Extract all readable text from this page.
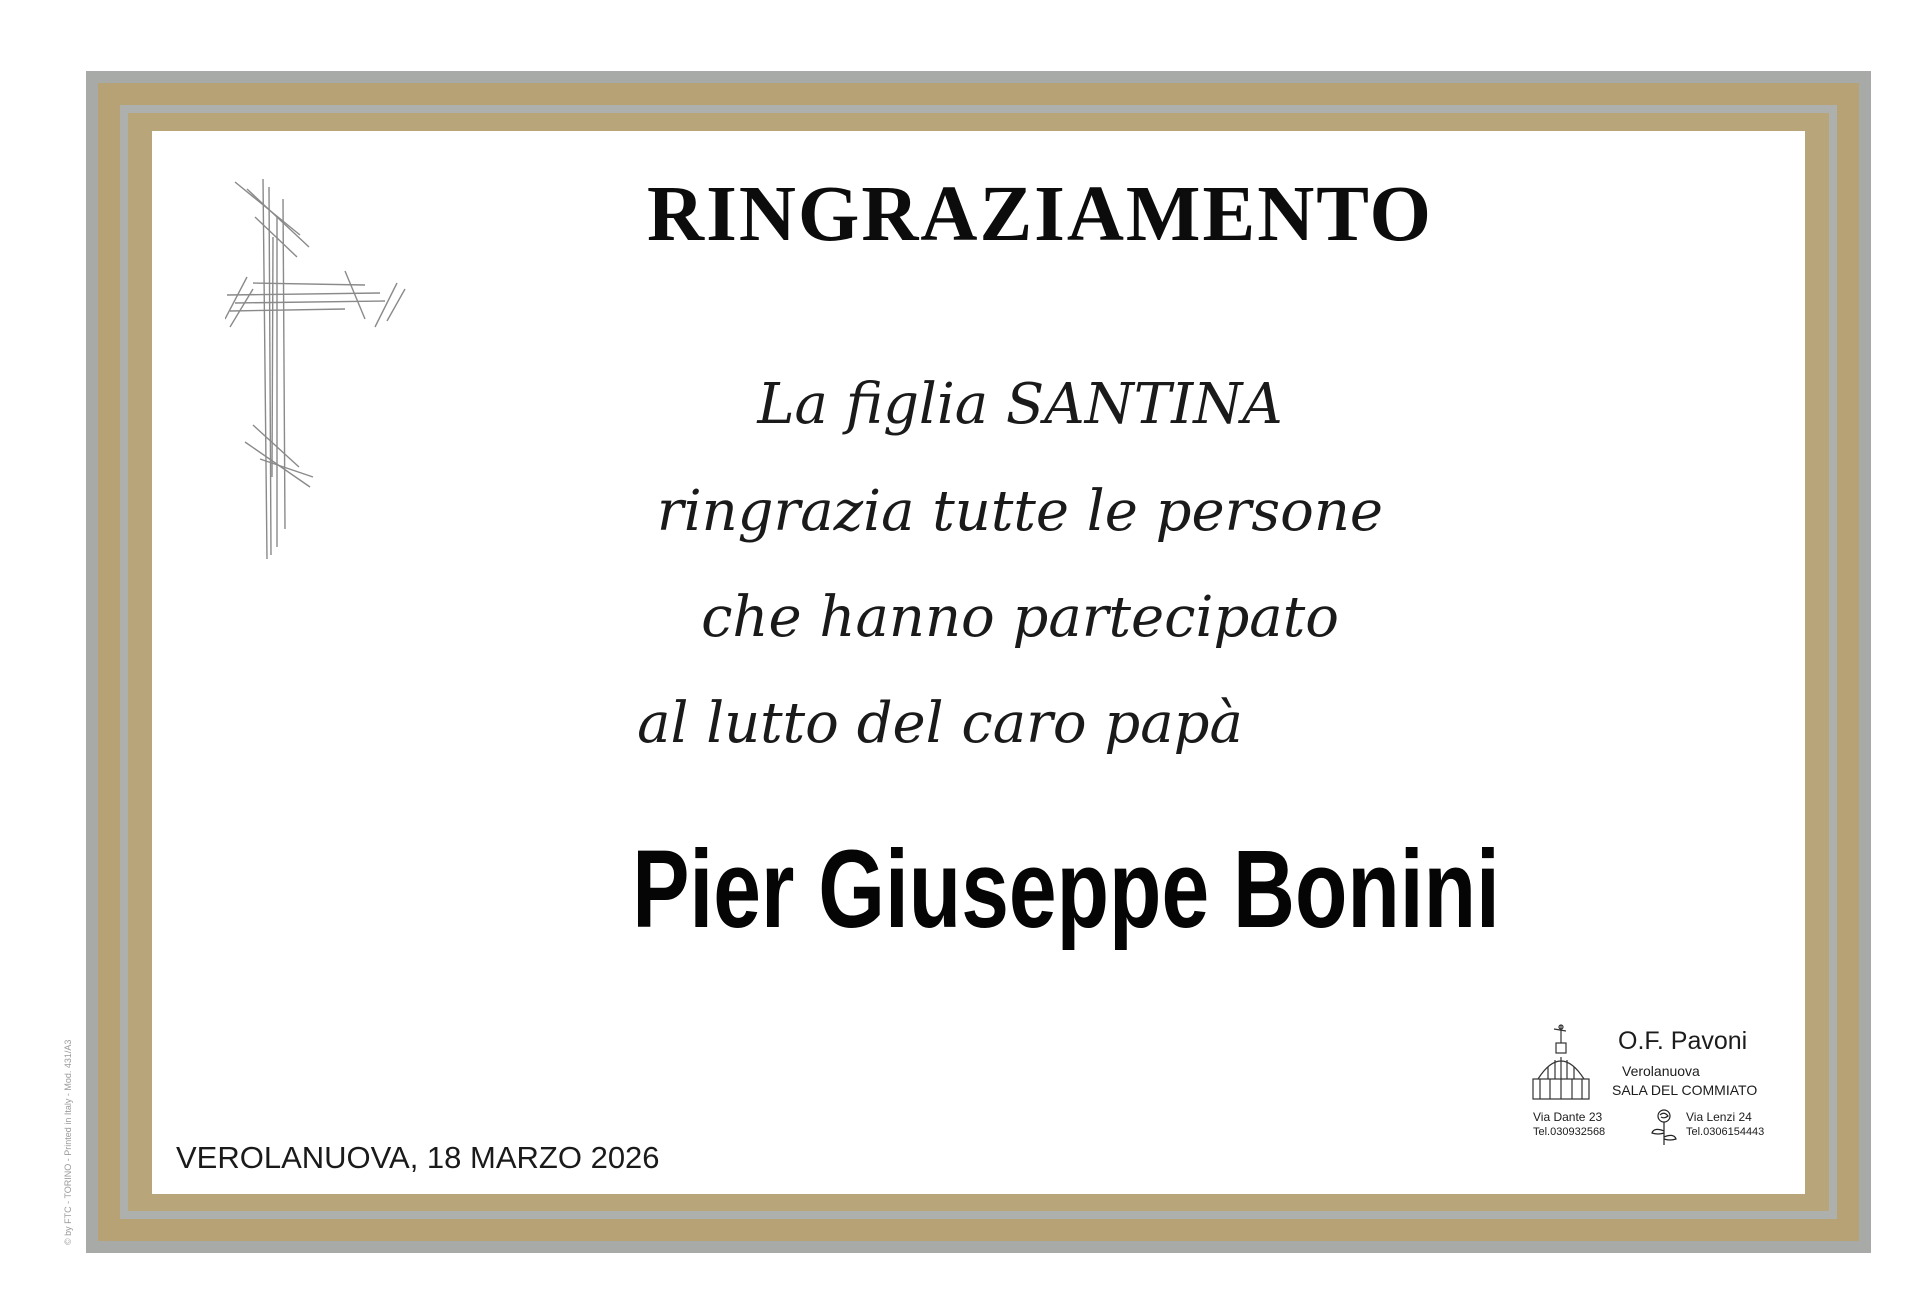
RINGRAZIAMENTO
La figlia SANTINA
ringrazia tutte le persone
che hanno partecipato
al lutto del caro papà
Pier Giuseppe Bonini
VEROLANUOVA, 18 MARZO 2026
© by FTC - TORINO - Printed in Italy - Mod. 431/A3	O.F. Pavoni
Verolanuova
SALA DEL COMMIATO
Via Dante 23
Tel.030932568
Via Lenzi 24
Tel.0306154443
